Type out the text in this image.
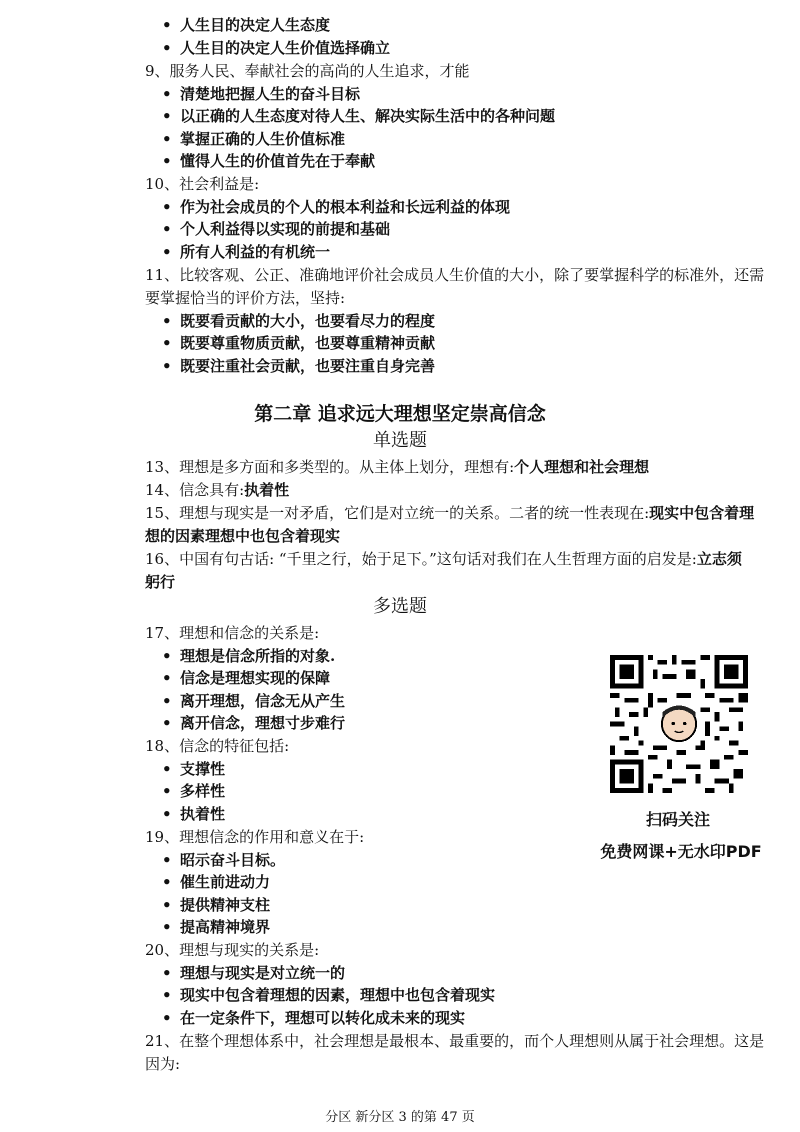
• 人生目的决定人生态度
• 人生目的决定人生价值选择确立
9、服务人民、奉献社会的高尚的人生追求，才能
• 清楚地把握人生的奋斗目标
• 以正确的人生态度对待人生、解决实际生活中的各种问题
• 掌握正确的人生价值标准
• 懂得人生的价值首先在于奉献
10、社会利益是:
• 作为社会成员的个人的根本利益和长远利益的体现
• 个人利益得以实现的前提和基础
• 所有人利益的有机统一
11、比较客观、公正、准确地评价社会成员人生价值的大小，除了要掌握科学的标准外，还需
要掌握恰当的评价方法，坚持:
• 既要看贡献的大小，也要看尽力的程度
• 既要尊重物质贡献，也要尊重精神贡献
• 既要注重社会贡献，也要注重自身完善
第二章 追求远大理想坚定崇高信念
单选题
13、理想是多方面和多类型的。从主体上划分，理想有:个人理想和社会理想
14、信念具有:执着性
15、理想与现实是一对矛盾，它们是对立统一的关系。二者的统一性表现在:现实中包含着理
想的因素理想中也包含着现实
16、中国有句古话: “千里之行，始于足下。”这句话对我们在人生哲理方面的启发是:立志须
躬行
多选题
17、理想和信念的关系是:
• 理想是信念所指的对象.
• 信念是理想实现的保障
• 离开理想，信念无从产生
• 离开信念，理想寸步难行
18、信念的特征包括:
• 支撑性
• 多样性
• 执着性
19、理想信念的作用和意义在于:
• 昭示奋斗目标。
• 催生前进动力
• 提供精神支柱
• 提高精神境界
20、理想与现实的关系是:
• 理想与现实是对立统一的
• 现实中包含着理想的因素，理想中也包含着现实
• 在一定条件下，理想可以转化成未来的现实
21、在整个理想体系中，社会理想是最根本、最重要的，而个人理想则从属于社会理想。这是
因为:
扫码关注
免费网课+无水印PDF
分区 新分区 3 的第 47 页
